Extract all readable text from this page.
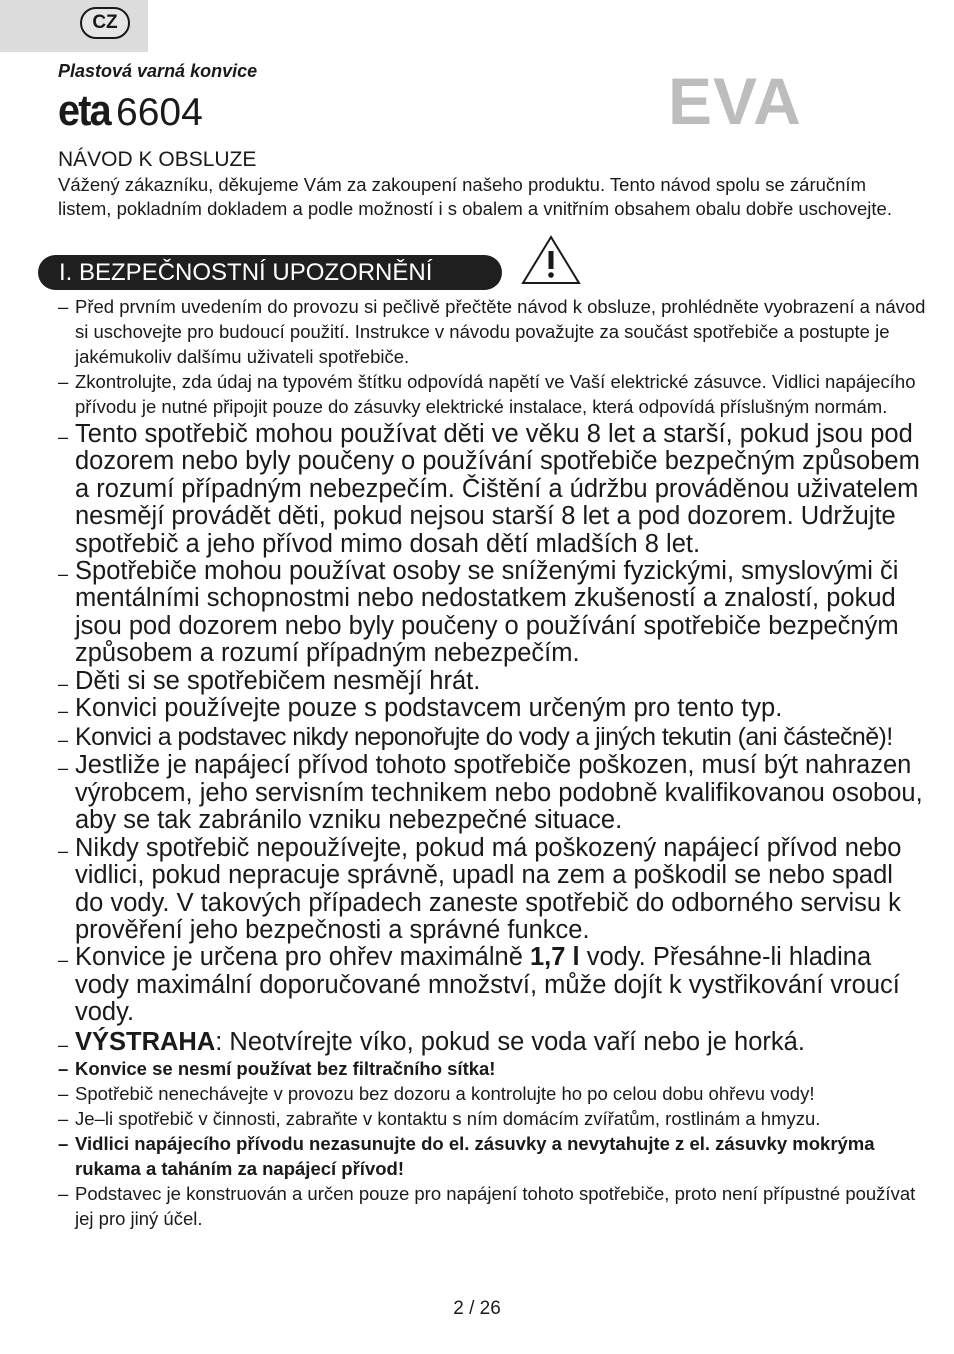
CZ
Plastová varná konvice
eta 6604	EVA
NÁVOD K OBSLUZE

Vážený zákazníku, děkujeme Vám za zakoupení našeho produktu. Tento návod spolu se záručním listem, pokladním dokladem a podle možností i s obalem a vnitřním obsahem obalu dobře uschovejte.

I. BEZPEČNOSTNÍ UPOZORNĚNÍ
– Před prvním uvedením do provozu si pečlivě přečtěte návod k obsluze, prohlédněte vyobrazení a návod si uschovejte pro budoucí použití. Instrukce v návodu považujte za součást spotřebiče a postupte je jakémukoliv dalšímu uživateli spotřebiče.
– Zkontrolujte, zda údaj na typovém štítku odpovídá napětí ve Vaší elektrické zásuvce. Vidlici napájecího přívodu je nutné připojit pouze do zásuvky elektrické instalace, která odpovídá příslušným normám.
– Tento spotřebič mohou používat děti ve věku 8 let a starší, pokud jsou pod dozorem nebo byly poučeny o používání spotřebiče bezpečným způsobem a rozumí případným nebezpečím. Čištění a údržbu prováděnou uživatelem nesmějí provádět děti, pokud nejsou starší 8 let a pod dozorem. Udržujte spotřebič a jeho přívod mimo dosah dětí mladších 8 let.
– Spotřebiče mohou používat osoby se sníženými fyzickými, smyslovými či mentálními schopnostmi nebo nedostatkem zkušeností a znalostí, pokud jsou pod dozorem nebo byly poučeny o používání spotřebiče bezpečným způsobem a rozumí případným nebezpečím.
– Děti si se spotřebičem nesmějí hrát.
– Konvici používejte pouze s podstavcem určeným pro tento typ.
– Konvici a podstavec nikdy neponořujte do vody a jiných tekutin (ani částečně)!
– Jestliže je napájecí přívod tohoto spotřebiče poškozen, musí být nahrazen výrobcem, jeho servisním technikem nebo podobně kvalifikovanou osobou, aby se tak zabránilo vzniku nebezpečné situace.
– Nikdy spotřebič nepoužívejte, pokud má poškozený napájecí přívod nebo vidlici, pokud nepracuje správně, upadl na zem a poškodil se nebo spadl do vody. V takových případech zaneste spotřebič do odborného servisu k prověření jeho bezpečnosti a správné funkce.
– Konvice je určena pro ohřev maximálně 1,7 l vody. Přesáhne-li hladina vody maximální doporučované množství, může dojít k vystřikování vroucí vody.
– VÝSTRAHA: Neotvírejte víko, pokud se voda vaří nebo je horká.
– Konvice se nesmí používat bez filtračního sítka!
– Spotřebič nenechávejte v provozu bez dozoru a kontrolujte ho po celou dobu ohřevu vody!
– Je–li spotřebič v činnosti, zabraňte v kontaktu s ním domácím zvířatům, rostlinám a hmyzu.
– Vidlici napájecího přívodu nezasunujte do el. zásuvky a nevytahujte z el. zásuvky mokrýma rukama a taháním za napájecí přívod!
– Podstavec je konstruován a určen pouze pro napájení tohoto spotřebiče, proto není přípustné používat jej pro jiný účel.
2 / 26
